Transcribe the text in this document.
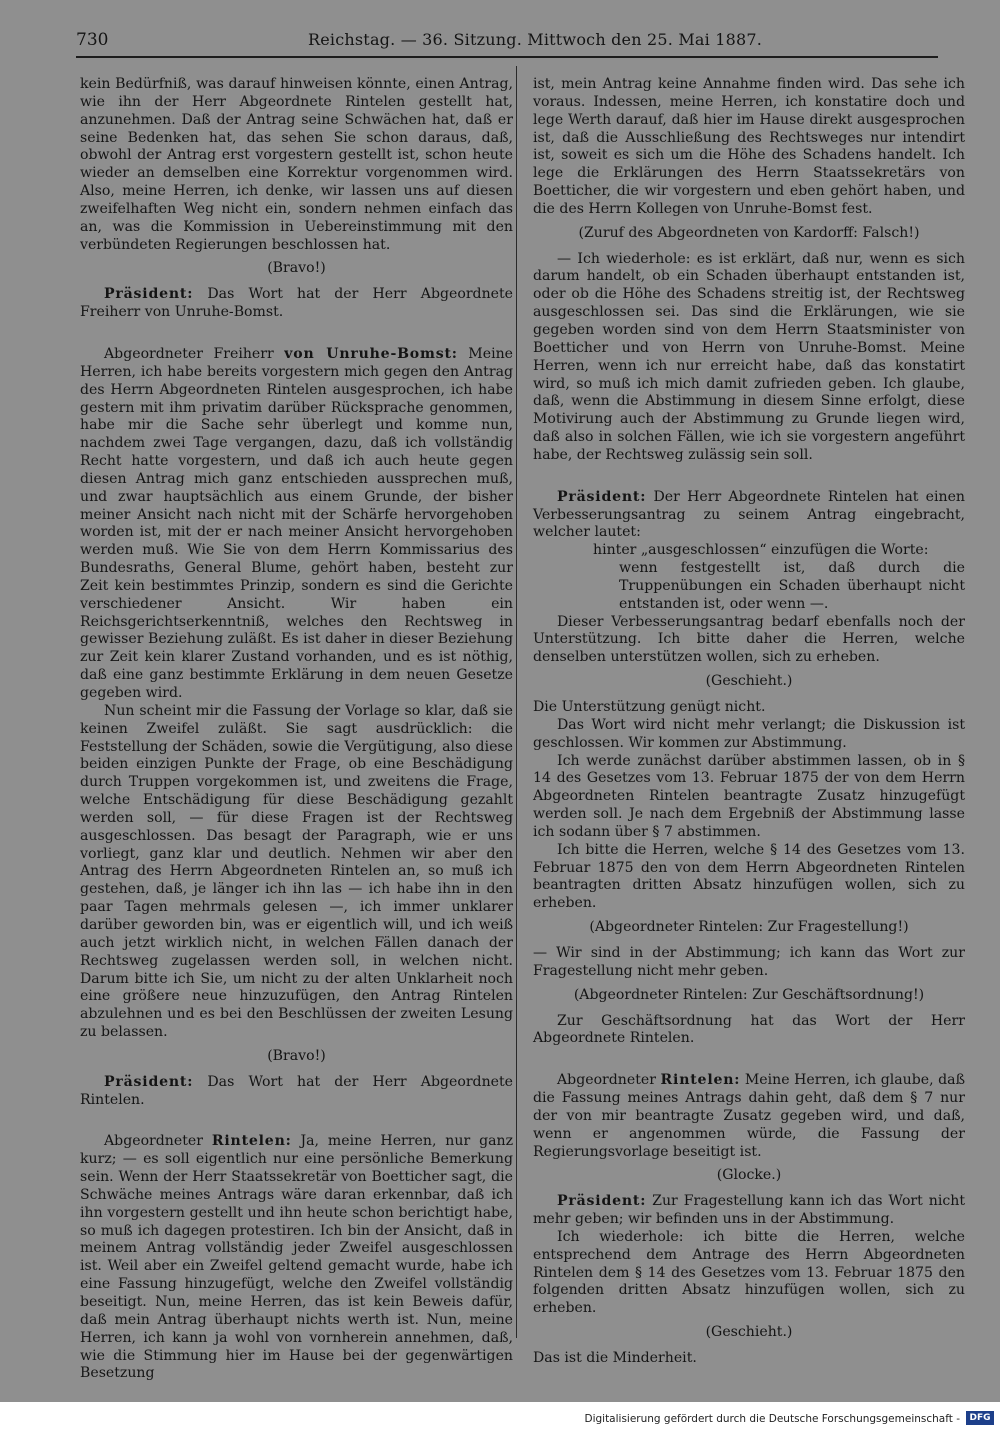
730	Reichstag. — 36. Sitzung. Mittwoch den 25. Mai 1887.

kein Bedürfniß, was darauf hinweisen könnte, einen Antrag, wie ihn der Herr Abgeordnete Rintelen gestellt hat, anzunehmen. Daß der Antrag seine Schwächen hat, daß er seine Bedenken hat, das sehen Sie schon daraus, daß, obwohl der Antrag erst vorgestern gestellt ist, schon heute wieder an demselben eine Korrektur vorgenommen wird. Also, meine Herren, ich denke, wir lassen uns auf diesen zweifelhaften Weg nicht ein, sondern nehmen einfach das an, was die Kommission in Uebereinstimmung mit den verbündeten Regierungen beschlossen hat.

(Bravo!)

Präsident: Das Wort hat der Herr Abgeordnete Freiherr von Unruhe-Bomst.

Abgeordneter Freiherr von Unruhe-Bomst: Meine Herren, ich habe bereits vorgestern mich gegen den Antrag des Herrn Abgeordneten Rintelen ausgesprochen, ich habe gestern mit ihm privatim darüber Rücksprache genommen, habe mir die Sache sehr überlegt und komme nun, nachdem zwei Tage vergangen, dazu, daß ich vollständig Recht hatte vorgestern, und daß ich auch heute gegen diesen Antrag mich ganz entschieden aussprechen muß, und zwar hauptsächlich aus einem Grunde, der bisher meiner Ansicht nach nicht mit der Schärfe hervorgehoben worden ist, mit der er nach meiner Ansicht hervorgehoben werden muß. Wie Sie von dem Herrn Kommissarius des Bundesraths, General Blume, gehört haben, besteht zur Zeit kein bestimmtes Prinzip, sondern es sind die Gerichte verschiedener Ansicht. Wir haben ein Reichsgerichtserkenntniß, welches den Rechtsweg in gewisser Beziehung zuläßt. Es ist daher in dieser Beziehung zur Zeit kein klarer Zustand vorhanden, und es ist nöthig, daß eine ganz bestimmte Erklärung in dem neuen Gesetze gegeben wird.

Nun scheint mir die Fassung der Vorlage so klar, daß sie keinen Zweifel zuläßt. Sie sagt ausdrücklich: die Feststellung der Schäden, sowie die Vergütigung, also diese beiden einzigen Punkte der Frage, ob eine Beschädigung durch Truppen vorgekommen ist, und zweitens die Frage, welche Entschädigung für diese Beschädigung gezahlt werden soll, — für diese Fragen ist der Rechtsweg ausgeschlossen. Das besagt der Paragraph, wie er uns vorliegt, ganz klar und deutlich. Nehmen wir aber den Antrag des Herrn Abgeordneten Rintelen an, so muß ich gestehen, daß, je länger ich ihn las — ich habe ihn in den paar Tagen mehrmals gelesen —, ich immer unklarer darüber geworden bin, was er eigentlich will, und ich weiß auch jetzt wirklich nicht, in welchen Fällen danach der Rechtsweg zugelassen werden soll, in welchen nicht. Darum bitte ich Sie, um nicht zu der alten Unklarheit noch eine größere neue hinzuzufügen, den Antrag Rintelen abzulehnen und es bei den Beschlüssen der zweiten Lesung zu belassen.

(Bravo!)

Präsident: Das Wort hat der Herr Abgeordnete Rintelen.

Abgeordneter Rintelen: Ja, meine Herren, nur ganz kurz; — es soll eigentlich nur eine persönliche Bemerkung sein. Wenn der Herr Staatssekretär von Boetticher sagt, die Schwäche meines Antrags wäre daran erkennbar, daß ich ihn vorgestern gestellt und ihn heute schon berichtigt habe, so muß ich dagegen protestiren. Ich bin der Ansicht, daß in meinem Antrag vollständig jeder Zweifel ausgeschlossen ist. Weil aber ein Zweifel geltend gemacht wurde, habe ich eine Fassung hinzugefügt, welche den Zweifel vollständig beseitigt. Nun, meine Herren, das ist kein Beweis dafür, daß mein Antrag überhaupt nichts werth ist. Nun, meine Herren, ich kann ja wohl von vornherein annehmen, daß, wie die Stimmung hier im Hause bei der gegenwärtigen Besetzung

ist, mein Antrag keine Annahme finden wird. Das sehe ich voraus. Indessen, meine Herren, ich konstatire doch und lege Werth darauf, daß hier im Hause direkt ausgesprochen ist, daß die Ausschließung des Rechtsweges nur intendirt ist, soweit es sich um die Höhe des Schadens handelt. Ich lege die Erklärungen des Herrn Staatssekretärs von Boetticher, die wir vorgestern und eben gehört haben, und die des Herrn Kollegen von Unruhe-Bomst fest.

(Zuruf des Abgeordneten von Kardorff: Falsch!)

— Ich wiederhole: es ist erklärt, daß nur, wenn es sich darum handelt, ob ein Schaden überhaupt entstanden ist, oder ob die Höhe des Schadens streitig ist, der Rechtsweg ausgeschlossen sei. Das sind die Erklärungen, wie sie gegeben worden sind von dem Herrn Staatsminister von Boetticher und von Herrn von Unruhe-Bomst. Meine Herren, wenn ich nur erreicht habe, daß das konstatirt wird, so muß ich mich damit zufrieden geben. Ich glaube, daß, wenn die Abstimmung in diesem Sinne erfolgt, diese Motivirung auch der Abstimmung zu Grunde liegen wird, daß also in solchen Fällen, wie ich sie vorgestern angeführt habe, der Rechtsweg zulässig sein soll.

Präsident: Der Herr Abgeordnete Rintelen hat einen Verbesserungsantrag zu seinem Antrag eingebracht, welcher lautet:

hinter „ausgeschlossen“ einzufügen die Worte:

wenn festgestellt ist, daß durch die Truppenübungen ein Schaden überhaupt nicht entstanden ist, oder wenn —.

Dieser Verbesserungsantrag bedarf ebenfalls noch der Unterstützung. Ich bitte daher die Herren, welche denselben unterstützen wollen, sich zu erheben.

(Geschieht.)

Die Unterstützung genügt nicht.

Das Wort wird nicht mehr verlangt; die Diskussion ist geschlossen. Wir kommen zur Abstimmung.

Ich werde zunächst darüber abstimmen lassen, ob in § 14 des Gesetzes vom 13. Februar 1875 der von dem Herrn Abgeordneten Rintelen beantragte Zusatz hinzugefügt werden soll. Je nach dem Ergebniß der Abstimmung lasse ich sodann über § 7 abstimmen.

Ich bitte die Herren, welche § 14 des Gesetzes vom 13. Februar 1875 den von dem Herrn Abgeordneten Rintelen beantragten dritten Absatz hinzufügen wollen, sich zu erheben.

(Abgeordneter Rintelen: Zur Fragestellung!)

— Wir sind in der Abstimmung; ich kann das Wort zur Fragestellung nicht mehr geben.

(Abgeordneter Rintelen: Zur Geschäftsordnung!)

Zur Geschäftsordnung hat das Wort der Herr Abgeordnete Rintelen.

Abgeordneter Rintelen: Meine Herren, ich glaube, daß die Fassung meines Antrags dahin geht, daß dem § 7 nur der von mir beantragte Zusatz gegeben wird, und daß, wenn er angenommen würde, die Fassung der Regierungsvorlage beseitigt ist.

(Glocke.)

Präsident: Zur Fragestellung kann ich das Wort nicht mehr geben; wir befinden uns in der Abstimmung.

Ich wiederhole: ich bitte die Herren, welche entsprechend dem Antrage des Herrn Abgeordneten Rintelen dem § 14 des Gesetzes vom 13. Februar 1875 den folgenden dritten Absatz hinzufügen wollen, sich zu erheben.

(Geschieht.)

Das ist die Minderheit.

Digitalisierung gefördert durch die Deutsche Forschungsgemeinschaft -	DFG
